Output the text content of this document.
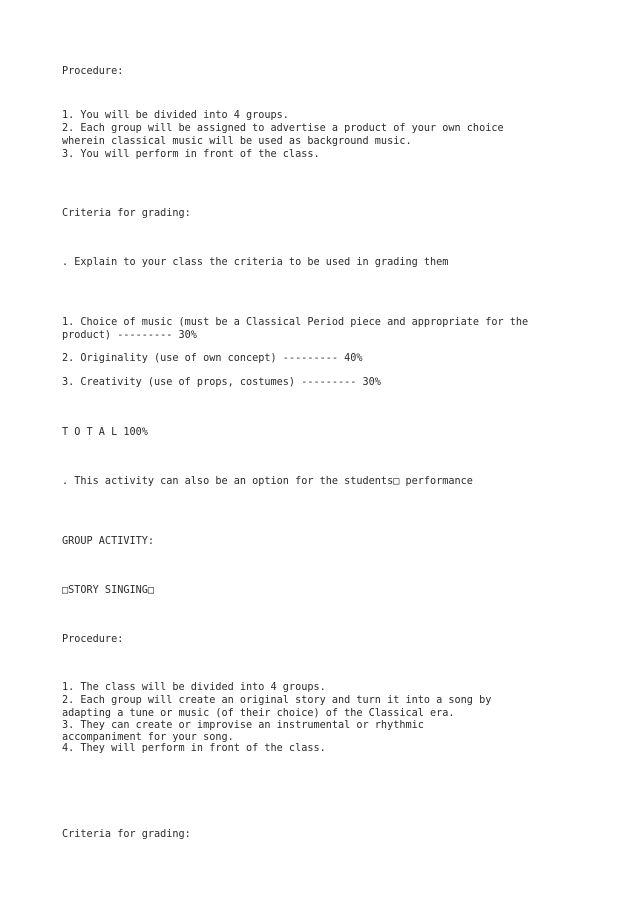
Procedure:

1. You will be divided into 4 groups.

2. Each group will be assigned to advertise a product of your own choice

wherein classical music will be used as background music.

3. You will perform in front of the class.

Criteria for grading:

. Explain to your class the criteria to be used in grading them

1. Choice of music (must be a Classical Period piece and appropriate for the

product) --------- 30%

2. Originality (use of own concept) --------- 40%

3. Creativity (use of props, costumes) --------- 30%

T O T A L 100%

. This activity can also be an option for the students□ performance

GROUP ACTIVITY:

□STORY SINGING□

Procedure:

1. The class will be divided into 4 groups.

2. Each group will create an original story and turn it into a song by

adapting a tune or music (of their choice) of the Classical era.

3. They can create or improvise an instrumental or rhythmic

accompaniment for your song.

4. They will perform in front of the class.

Criteria for grading:
